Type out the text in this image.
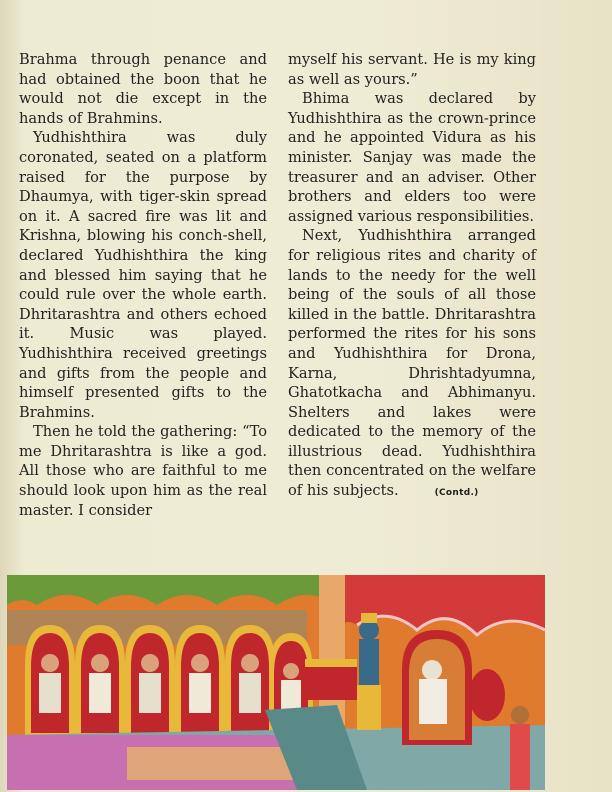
Brahma through penance and had obtained the boon that he would not die except in the hands of Brahmins.

Yudhishthira was duly coronated, seated on a platform raised for the purpose by Dhaumya, with tiger-skin spread on it. A sacred fire was lit and Krishna, blowing his conch-shell, declared Yudhishthira the king and blessed him saying that he could rule over the whole earth. Dhritarashtra and others echoed it. Music was played. Yudhishthira received greetings and gifts from the people and himself presented gifts to the Brahmins.

Then he told the gathering: “To me Dhritarashtra is like a god. All those who are faithful to me should look upon him as the real master. I consider

myself his servant. He is my king as well as yours.”

Bhima was declared by Yudhishthira as the crown-prince and he appointed Vidura as his minister. Sanjay was made the treasurer and an adviser. Other brothers and elders too were assigned various responsibilities.

Next, Yudhishthira arranged for religious rites and charity of lands to the needy for the well being of the souls of all those killed in the battle. Dhritarashtra performed the rites for his sons and Yudhishthira for Drona, Karna, Dhrishtadyumna, Ghatotkacha and Abhimanyu. Shelters and lakes were dedicated to the memory of the illustrious dead. Yudhishthira then concentrated on the welfare of his subjects.	(Contd.)
